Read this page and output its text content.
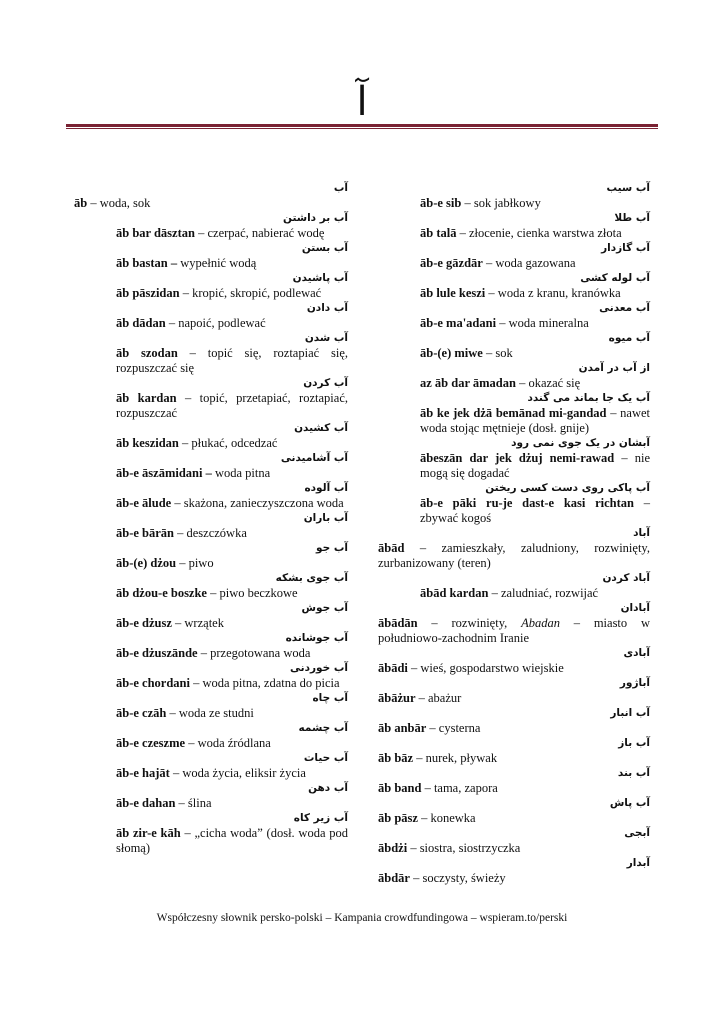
آ
آب
āb – woda, sok
آب بر داشتن
āb bar dāsztan – czerpać, nabierać wodę
آب بستن
āb bastan – wypełnić wodą
آب پاشیدن
āb pāszidan – kropić, skropić, podlewać
آب دادن
āb dādan – napoić, podlewać
آب شدن
āb szodan – topić się, roztapiać się, rozpuszczać się
آب کردن
āb kardan – topić, przetapiać, roztapiać, rozpuszczać
آب کشیدن
āb keszidan – płukać, odcedzać
آب آشامیدنی
āb-e āszāmidani – woda pitna
آب آلوده
āb-e ālude – skażona, zanieczyszczona woda
آب باران
āb-e bārān – deszczówka
آب جو
āb-(e) dżou – piwo
آب جوی بشکه
āb dżou-e boszke – piwo beczkowe
آب جوش
āb-e dżusz – wrzątek
آب جوشانده
āb-e dżuszānde – przegotowana woda
آب خوردنی
āb-e chordani – woda pitna, zdatna do picia
آب چاه
āb-e czāh – woda ze studni
آب چشمه
āb-e czeszme – woda źródlana
آب حیات
āb-e hajāt – woda życia, eliksir życia
آب دهن
āb-e dahan – ślina
آب زیر کاه
āb zir-e kāh – „cicha woda” (dosł. woda pod słomą)
آب سیب
āb-e sib – sok jabłkowy
آب طلا
āb talā – złocenie, cienka warstwa złota
آب گازدار
āb-e gāzdār – woda gazowana
آب لوله کشی
āb lule keszi – woda z kranu, kranówka
آب معدنی
āb-e ma'adani – woda mineralna
آب میوه
āb-(e) miwe – sok
از آب در آمدن
az āb dar āmadan – okazać się
آب یک جا بماند می گندد
āb ke jek dżā bemānad mi-gandad – nawet woda stojąc mętnieje (dosł. gnije)
آبشان در یک جوی نمی رود
ābeszān dar jek dżuj nemi-rawad – nie mogą się dogadać
آب پاکی روی دست کسی ریختن
āb-e pāki ru-je dast-e kasi richtan – zbywać kogoś
آباد
ābād – zamieszkały, zaludniony, rozwinięty, zurbanizowany (teren)
آباد کردن
ābād kardan – zaludniać, rozwijać
آبادان
ābādān – rozwinięty, Abadan – miasto w południowo-zachodnim Iranie
آبادی
ābādi – wieś, gospodarstwo wiejskie
آباژور
ābāżur – abażur
آب انبار
āb anbār – cysterna
آب باز
āb bāz – nurek, pływak
آب بند
āb band – tama, zapora
آب پاش
āb pāsz – konewka
آبجی
ābdżi – siostra, siostrzyczka
آبدار
ābdār – soczysty, świeży
Współczesny słownik persko-polski – Kampania crowdfundingowa – wspieram.to/perski
